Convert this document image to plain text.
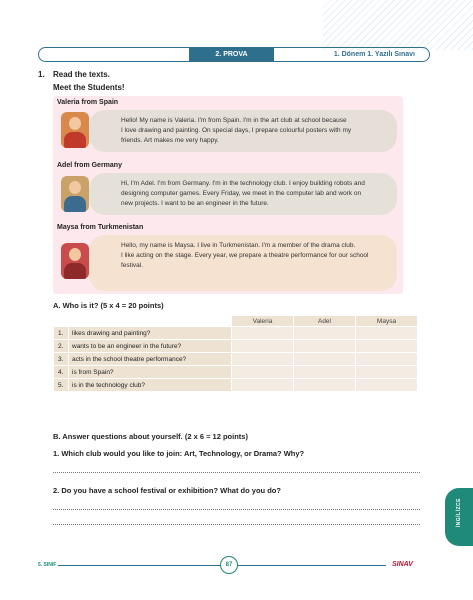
2. PROVA	1. Dönem 1. Yazılı Sınavı
1. Read the texts.
Meet the Students!
Valeria from Spain
Hello! My name is Valeria. I'm from Spain. I'm in the art club at school because
I love drawing and painting. On special days, I prepare colourful posters with my
friends. Art makes me very happy.
Adel from Germany
Hi, I'm Adel. I'm from Germany. I'm in the technology club. I enjoy building robots and
designing computer games. Every Friday, we meet in the computer lab and work on
new projects. I want to be an engineer in the future.
Maysa from Turkmenistan
Hello, my name is Maysa. I live in Turkmenistan. I'm a member of the drama club.
I like acting on the stage. Every year, we prepare a theatre performance for our school
festival.
A. Who is it? (5 x 4 = 20 points)
		Valeria	Adel	Maysa
1.	likes drawing and painting?			
2.	wants to be an engineer in the future?			
3.	acts in the school theatre performance?			
4.	is from Spain?			
5.	is in the technology club?			
B. Answer questions about yourself. (2 x 6 = 12 points)
1. Which club would you like to join: Art, Technology, or Drama? Why?
2. Do you have a school festival or exhibition? What do you do?
İNGİLİZCE
5. SINIF	87	SINAV
